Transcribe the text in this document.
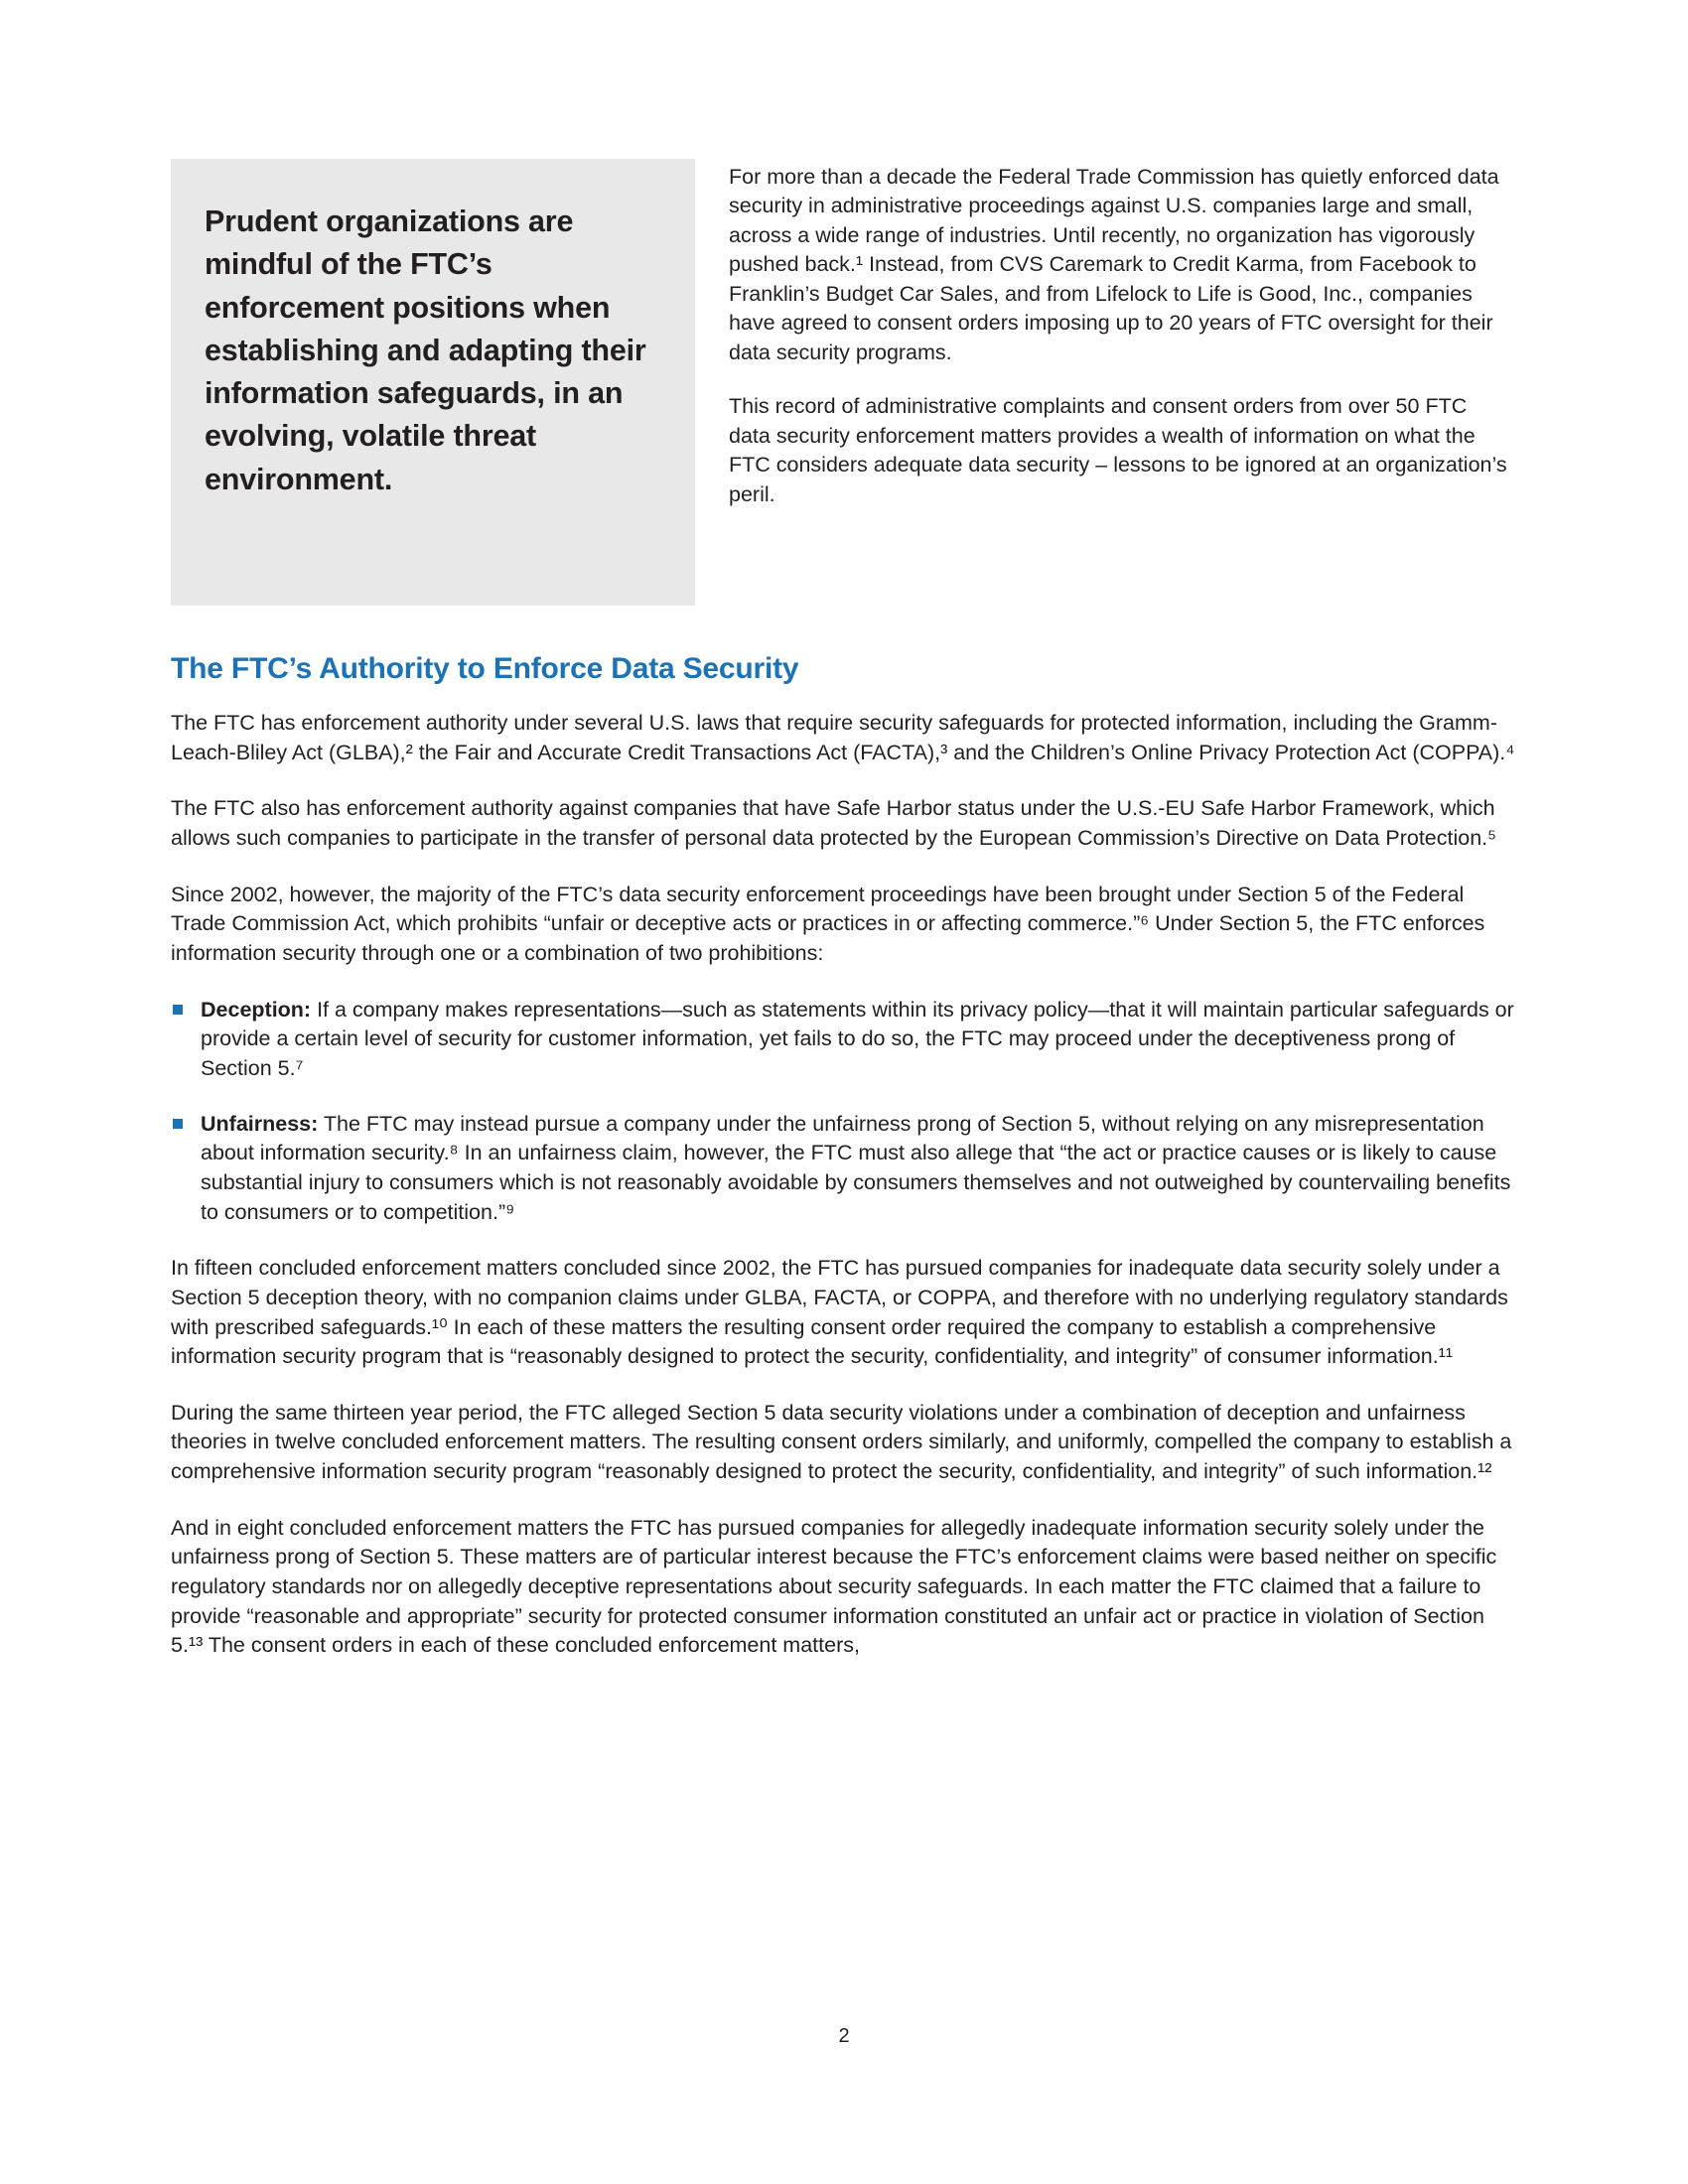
Prudent organizations are mindful of the FTC’s enforcement positions when establishing and adapting their information safeguards, in an evolving, volatile threat environment.

For more than a decade the Federal Trade Commission has quietly enforced data security in administrative proceedings against U.S. companies large and small, across a wide range of industries. Until recently, no organization has vigorously pushed back.¹ Instead, from CVS Caremark to Credit Karma, from Facebook to Franklin’s Budget Car Sales, and from Lifelock to Life is Good, Inc., companies have agreed to consent orders imposing up to 20 years of FTC oversight for their data security programs.

This record of administrative complaints and consent orders from over 50 FTC data security enforcement matters provides a wealth of information on what the FTC considers adequate data security – lessons to be ignored at an organization’s peril.

The FTC’s Authority to Enforce Data Security

The FTC has enforcement authority under several U.S. laws that require security safeguards for protected information, including the Gramm-Leach-Bliley Act (GLBA),² the Fair and Accurate Credit Transactions Act (FACTA),³ and the Children’s Online Privacy Protection Act (COPPA).⁴

The FTC also has enforcement authority against companies that have Safe Harbor status under the U.S.-EU Safe Harbor Framework, which allows such companies to participate in the transfer of personal data protected by the European Commission’s Directive on Data Protection.⁵

Since 2002, however, the majority of the FTC’s data security enforcement proceedings have been brought under Section 5 of the Federal Trade Commission Act, which prohibits “unfair or deceptive acts or practices in or affecting commerce.”⁶ Under Section 5, the FTC enforces information security through one or a combination of two prohibitions:

Deception: If a company makes representations—such as statements within its privacy policy—that it will maintain particular safeguards or provide a certain level of security for customer information, yet fails to do so, the FTC may proceed under the deceptiveness prong of Section 5.⁷
Unfairness: The FTC may instead pursue a company under the unfairness prong of Section 5, without relying on any misrepresentation about information security.⁸ In an unfairness claim, however, the FTC must also allege that “the act or practice causes or is likely to cause substantial injury to consumers which is not reasonably avoidable by consumers themselves and not outweighed by countervailing benefits to consumers or to competition.”⁹

In fifteen concluded enforcement matters concluded since 2002, the FTC has pursued companies for inadequate data security solely under a Section 5 deception theory, with no companion claims under GLBA, FACTA, or COPPA, and therefore with no underlying regulatory standards with prescribed safeguards.¹⁰ In each of these matters the resulting consent order required the company to establish a comprehensive information security program that is “reasonably designed to protect the security, confidentiality, and integrity” of consumer information.¹¹

During the same thirteen year period, the FTC alleged Section 5 data security violations under a combination of deception and unfairness theories in twelve concluded enforcement matters. The resulting consent orders similarly, and uniformly, compelled the company to establish a comprehensive information security program “reasonably designed to protect the security, confidentiality, and integrity” of such information.¹²

And in eight concluded enforcement matters the FTC has pursued companies for allegedly inadequate information security solely under the unfairness prong of Section 5. These matters are of particular interest because the FTC’s enforcement claims were based neither on specific regulatory standards nor on allegedly deceptive representations about security safeguards. In each matter the FTC claimed that a failure to provide “reasonable and appropriate” security for protected consumer information constituted an unfair act or practice in violation of Section 5.¹³ The consent orders in each of these concluded enforcement matters,

2
